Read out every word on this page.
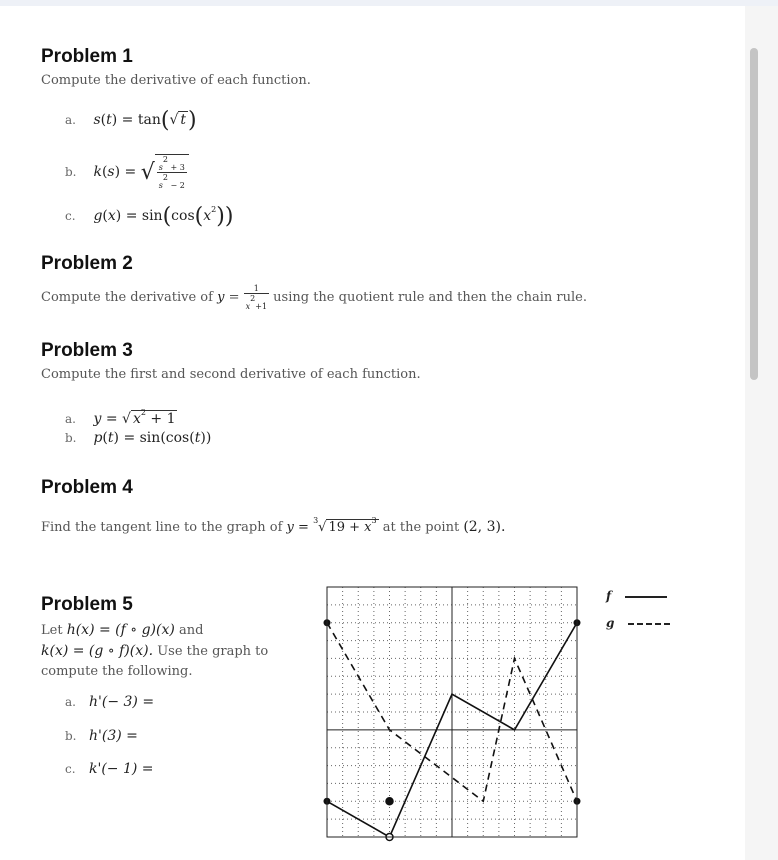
Problem 1
Compute the derivative of each function.
a. s(t) = tan(√ t)
b. k(s) = √ $\frac{s2 + 3}{s2 - 2}$
c. $g(x) = \sin(\cos(x^2))$
Problem 2
Compute the derivative of $y = \frac{1}{x2+1}$ using the quotient rule and then the chain rule.
Problem 3
Compute the first and second derivative of each function.
a. y = √ $x^2 + 1$
b. p(t) = sin(cos(t))
Problem 4
Find the tangent line to the graph of y = $^3$√ $19 + x^3$ at the point (2, 3).
Problem 5
Let h(x) = (f ∘ g)(x) and
k(x) = (g ∘ f)(x). Use the graph to
compute the following.
a. h'(− 3) =
b. h'(3) =
c. k'(− 1) =
f
g
